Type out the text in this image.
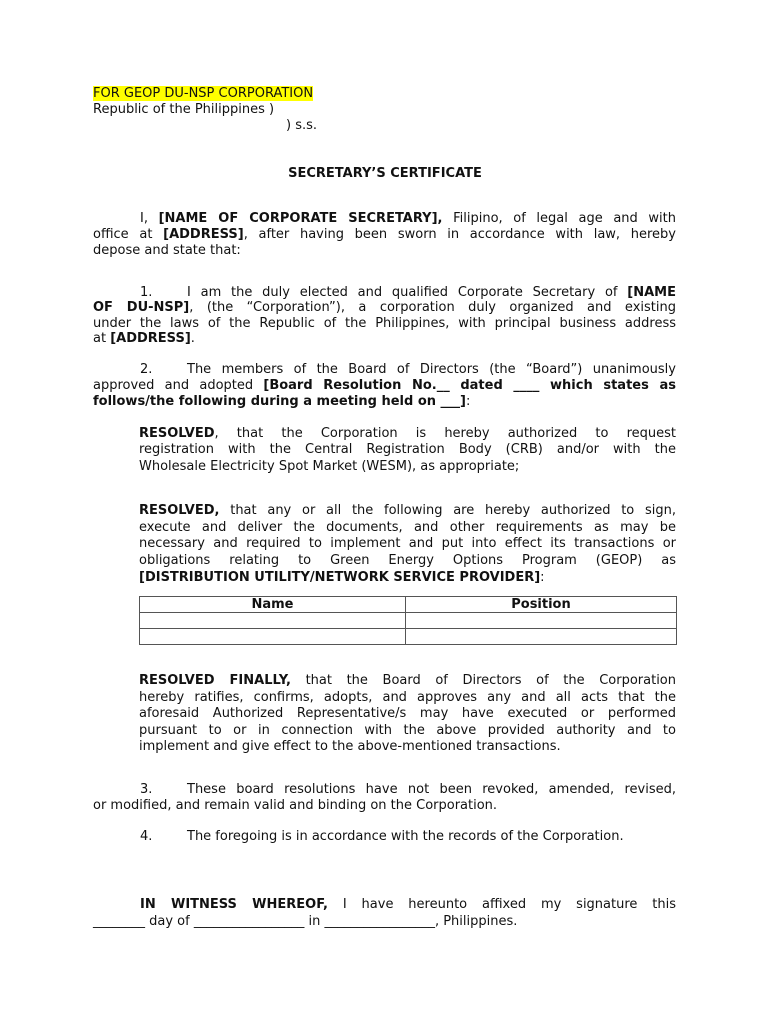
FOR GEOP DU-NSP CORPORATION
Republic of the Philippines )
) s.s.
SECRETARY’S CERTIFICATE
I, [NAME OF CORPORATE SECRETARY], Filipino, of legal age and with
office at [ADDRESS], after having been sworn in accordance with law, hereby
depose and state that:
1.	I am the duly elected and qualified Corporate Secretary of [NAME
OF DU-NSP], (the “Corporation”), a corporation duly organized and existing
under the laws of the Republic of the Philippines, with principal business address
at [ADDRESS].
2.	The members of the Board of Directors (the “Board”) unanimously
approved and adopted [Board Resolution No.__ dated ____ which states as
follows/the following during a meeting held on ___]:
RESOLVED, that the Corporation is hereby authorized to request
registration with the Central Registration Body (CRB) and/or with the
Wholesale Electricity Spot Market (WESM), as appropriate;
RESOLVED, that any or all the following are hereby authorized to sign,
execute and deliver the documents, and other requirements as may be
necessary and required to implement and put into effect its transactions or
obligations relating to Green Energy Options Program (GEOP) as
[DISTRIBUTION UTILITY/NETWORK SERVICE PROVIDER]:
Name	Position

RESOLVED FINALLY, that the Board of Directors of the Corporation
hereby ratifies, confirms, adopts, and approves any and all acts that the
aforesaid Authorized Representative/s may have executed or performed
pursuant to or in connection with the above provided authority and to
implement and give effect to the above-mentioned transactions.
3.	These board resolutions have not been revoked, amended, revised,
or modified, and remain valid and binding on the Corporation.
4.	The foregoing is in accordance with the records of the Corporation.
IN WITNESS WHEREOF, I have hereunto affixed my signature this
________ day of _________________ in _________________, Philippines.
